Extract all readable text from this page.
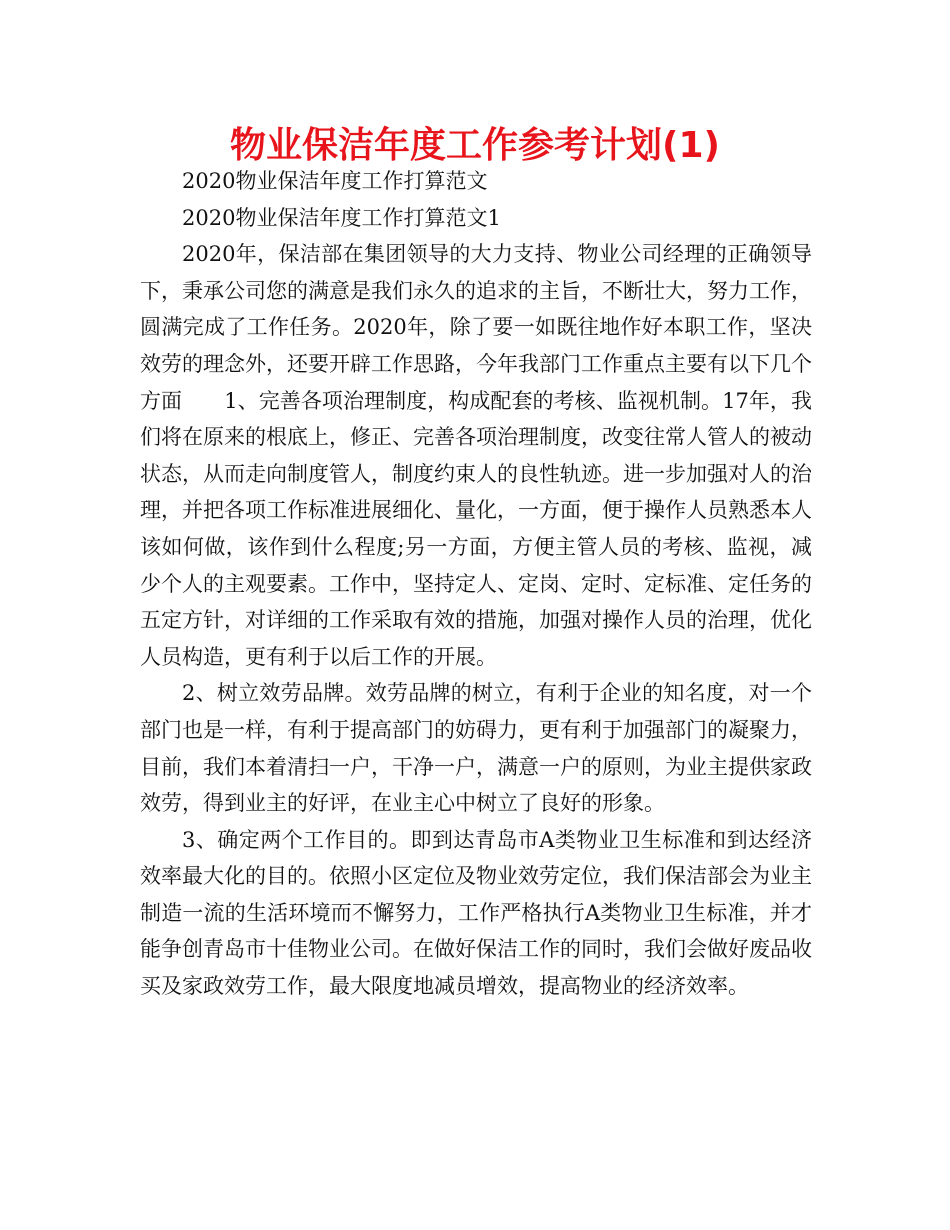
物业保洁年度工作参考计划(1)

2020物业保洁年度工作打算范文

2020物业保洁年度工作打算范文1

2020年，保洁部在集团领导的大力支持、物业公司经理的正确领导下，秉承公司您的满意是我们永久的追求的主旨，不断壮大，努力工作，圆满完成了工作任务。2020年，除了要一如既往地作好本职工作，坚决效劳的理念外，还要开辟工作思路，今年我部门工作重点主要有以下几个方面　　1、完善各项治理制度，构成配套的考核、监视机制。17年，我们将在原来的根底上，修正、完善各项治理制度，改变往常人管人的被动状态，从而走向制度管人，制度约束人的良性轨迹。进一步加强对人的治理，并把各项工作标准进展细化、量化，一方面，便于操作人员熟悉本人该如何做，该作到什么程度;另一方面，方便主管人员的考核、监视，减少个人的主观要素。工作中，坚持定人、定岗、定时、定标准、定任务的五定方针，对详细的工作采取有效的措施，加强对操作人员的治理，优化人员构造，更有利于以后工作的开展。

2、树立效劳品牌。效劳品牌的树立，有利于企业的知名度，对一个部门也是一样，有利于提高部门的妨碍力，更有利于加强部门的凝聚力，目前，我们本着清扫一户，干净一户，满意一户的原则，为业主提供家政效劳，得到业主的好评，在业主心中树立了良好的形象。

3、确定两个工作目的。即到达青岛市A类物业卫生标准和到达经济效率最大化的目的。依照小区定位及物业效劳定位，我们保洁部会为业主制造一流的生活环境而不懈努力，工作严格执行A类物业卫生标准，并才能争创青岛市十佳物业公司。在做好保洁工作的同时，我们会做好废品收买及家政效劳工作，最大限度地减员增效，提高物业的经济效率。
